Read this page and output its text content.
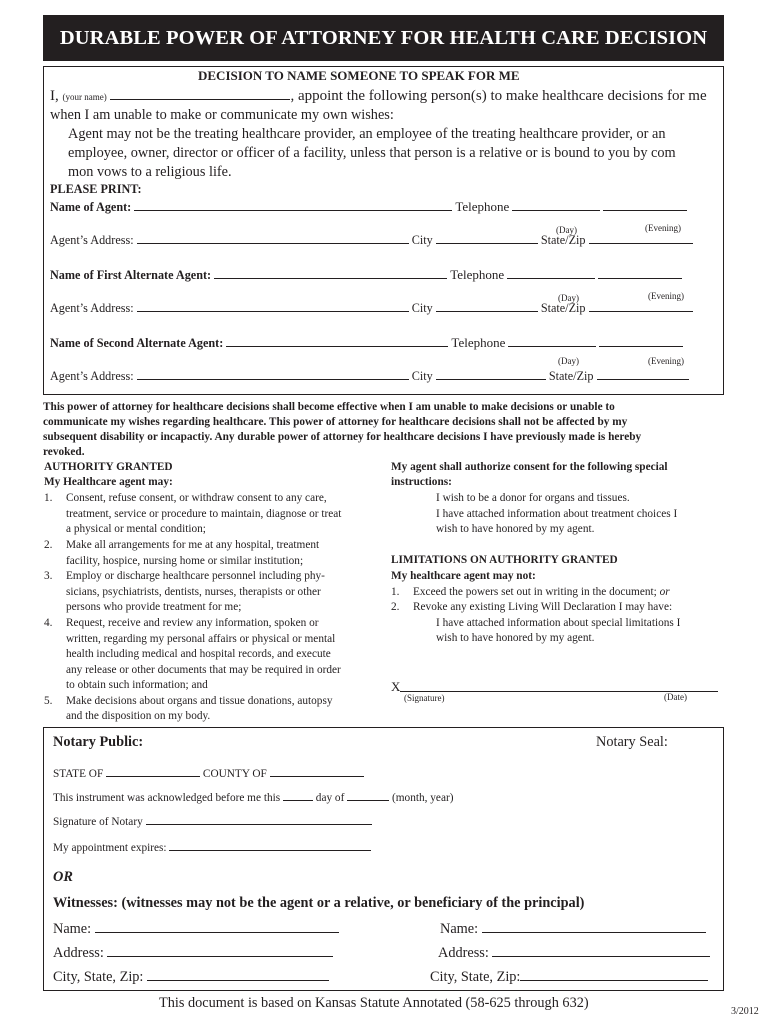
DURABLE POWER OF ATTORNEY FOR HEALTH CARE DECISION
DECISION TO NAME SOMEONE TO SPEAK FOR ME
I, (your name)	, appoint the following person(s) to make healthcare decisions for me
when I am unable to make or communicate my own wishes:
Agent may not be the treating healthcare provider, an employee of the treating healthcare provider, or an
employee, owner, director or officer of a facility, unless that person is a relative or is bound to you by com
mon vows to a religious life.
PLEASE PRINT:
Name of Agent:	Telephone
(Day)	(Evening)
Agent’s Address:	City	State/Zip
Name of First Alternate Agent:	Telephone
(Day)	(Evening)
Agent’s Address:	City	State/Zip
Name of Second Alternate Agent:	Telephone
(Day)	(Evening)
Agent’s Address:	City	State/Zip
This power of attorney for healthcare decisions shall become effective when I am unable to make decisions or unable to
communicate my wishes regarding healthcare. This power of attorney for healthcare decisions shall not be affected by my
subsequent disability or incapactiy. Any durable power of attorney for healthcare decisions I have previously made is hereby
revoked.
AUTHORITY GRANTED
My Healthcare agent may:
1. Consent, refuse consent, or withdraw consent to any care,
treatment, service or procedure to maintain, diagnose or treat
a physical or mental condition;
2. Make all arrangements for me at any hospital, treatment
facility, hospice, nursing home or similar institution;
3. Employ or discharge healthcare personnel including phy-
sicians, psychiatrists, dentists, nurses, therapists or other
persons who provide treatment for me;
4. Request, receive and review any information, spoken or
written, regarding my personal affairs or physical or mental
health including medical and hospital records, and execute
any release or other documents that may be required in order
to obtain such information; and
5. Make decisions about organs and tissue donations, autopsy
and the disposition on my body.
My agent shall authorize consent for the following special
instructions:
I wish to be a donor for organs and tissues.
I have attached information about treatment choices I
wish to have honored by my agent.
LIMITATIONS ON AUTHORITY GRANTED
My healthcare agent may not:
1. Exceed the powers set out in writing in the document; or
2. Revoke any existing Living Will Declaration I may have:
I have attached information about special limitations I
wish to have honored by my agent.
X
(Signature)	(Date)
Notary Public:	Notary Seal:
STATE OF	COUNTY OF
This instrument was acknowledged before me this	day of	(month, year)
Signature of Notary
My appointment expires:
OR
Witnesses: (witnesses may not be the agent or a relative, or beneficiary of the principal)
Name:	Name:
Address:	Address:
City, State, Zip:	City, State, Zip:
This document is based on Kansas Statute Annotated (58-625 through 632)
3/2012
